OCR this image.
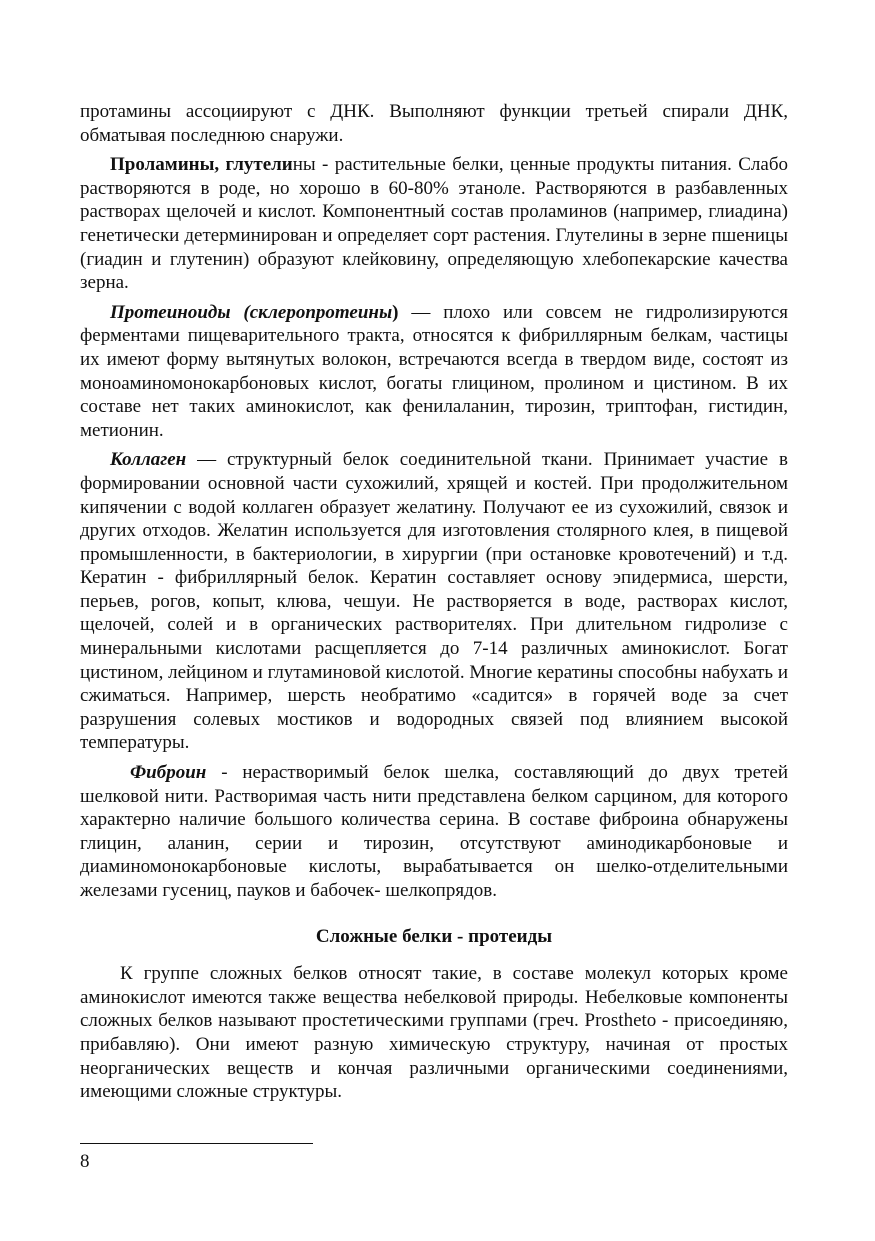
протамины ассоциируют с ДНК. Выполняют функции третьей спирали ДНК, обматывая последнюю снаружи.

Проламины, глутелины - растительные белки, ценные продукты питания. Слабо растворяются в роде, но хорошо в 60-80% этаноле. Растворяются в разбавленных растворах щелочей и кислот. Компонентный состав проламинов (например, глиадина) генетически детерминирован и определяет сорт растения. Глутелины в зерне пшеницы (гиадин и глутенин) образуют клейковину, определяющую хлебопекарские качества зерна.

Протеиноиды (склеропротеины) — плохо или совсем не гидролизируются ферментами пищеварительного тракта, относятся к фибриллярным белкам, частицы их имеют форму вытянутых волокон, встречаются всегда в твердом виде, состоят из моноаминомонокарбоновых кислот, богаты глицином, пролином и цистином. В их составе нет таких аминокислот, как фенилаланин, тирозин, триптофан, гистидин, метионин.

Коллаген — структурный белок соединительной ткани. Принимает участие в формировании основной части сухожилий, хрящей и костей. При продолжительном кипячении с водой коллаген образует желатину. Получают ее из сухожилий, связок и других отходов. Желатин используется для изготовления столярного клея, в пищевой промышленности, в бактериологии, в хирургии (при остановке кровотечений) и т.д. Кератин - фибриллярный белок. Кератин составляет основу эпидермиса, шерсти, перьев, рогов, копыт, клюва, чешуи. Не растворяется в воде, растворах кислот, щелочей, солей и в органических растворителях. При длительном гидролизе с минеральными кислотами расщепляется до 7-14 различных аминокислот. Богат цистином, лейцином и глутаминовой кислотой. Многие кератины способны набухать и сжиматься. Например, шерсть необратимо «садится» в горячей воде за счет разрушения солевых мостиков и водородных связей под влиянием высокой температуры.

Фиброин - нерастворимый белок шелка, составляющий до двух третей шелковой нити. Растворимая часть нити представлена белком сарцином, для которого характерно наличие большого количества серина. В составе фиброина обнаружены глицин, аланин, серии и тирозин, отсутствуют аминодикарбоновые и диаминомонокарбоновые кислоты, вырабатывается он шелко-отделительными железами гусениц, пауков и бабочек- шелкопрядов.

Сложные белки - протеиды

К группе сложных белков относят такие, в составе молекул которых кроме аминокислот имеются также вещества небелковой природы. Небелковые компоненты сложных белков называют простетическими группами (греч. Prostheto - присоединяю, прибавляю). Они имеют разную химическую структуру, начиная от простых неорганических веществ и кончая различными органическими соединениями, имеющими сложные структуры.

8
